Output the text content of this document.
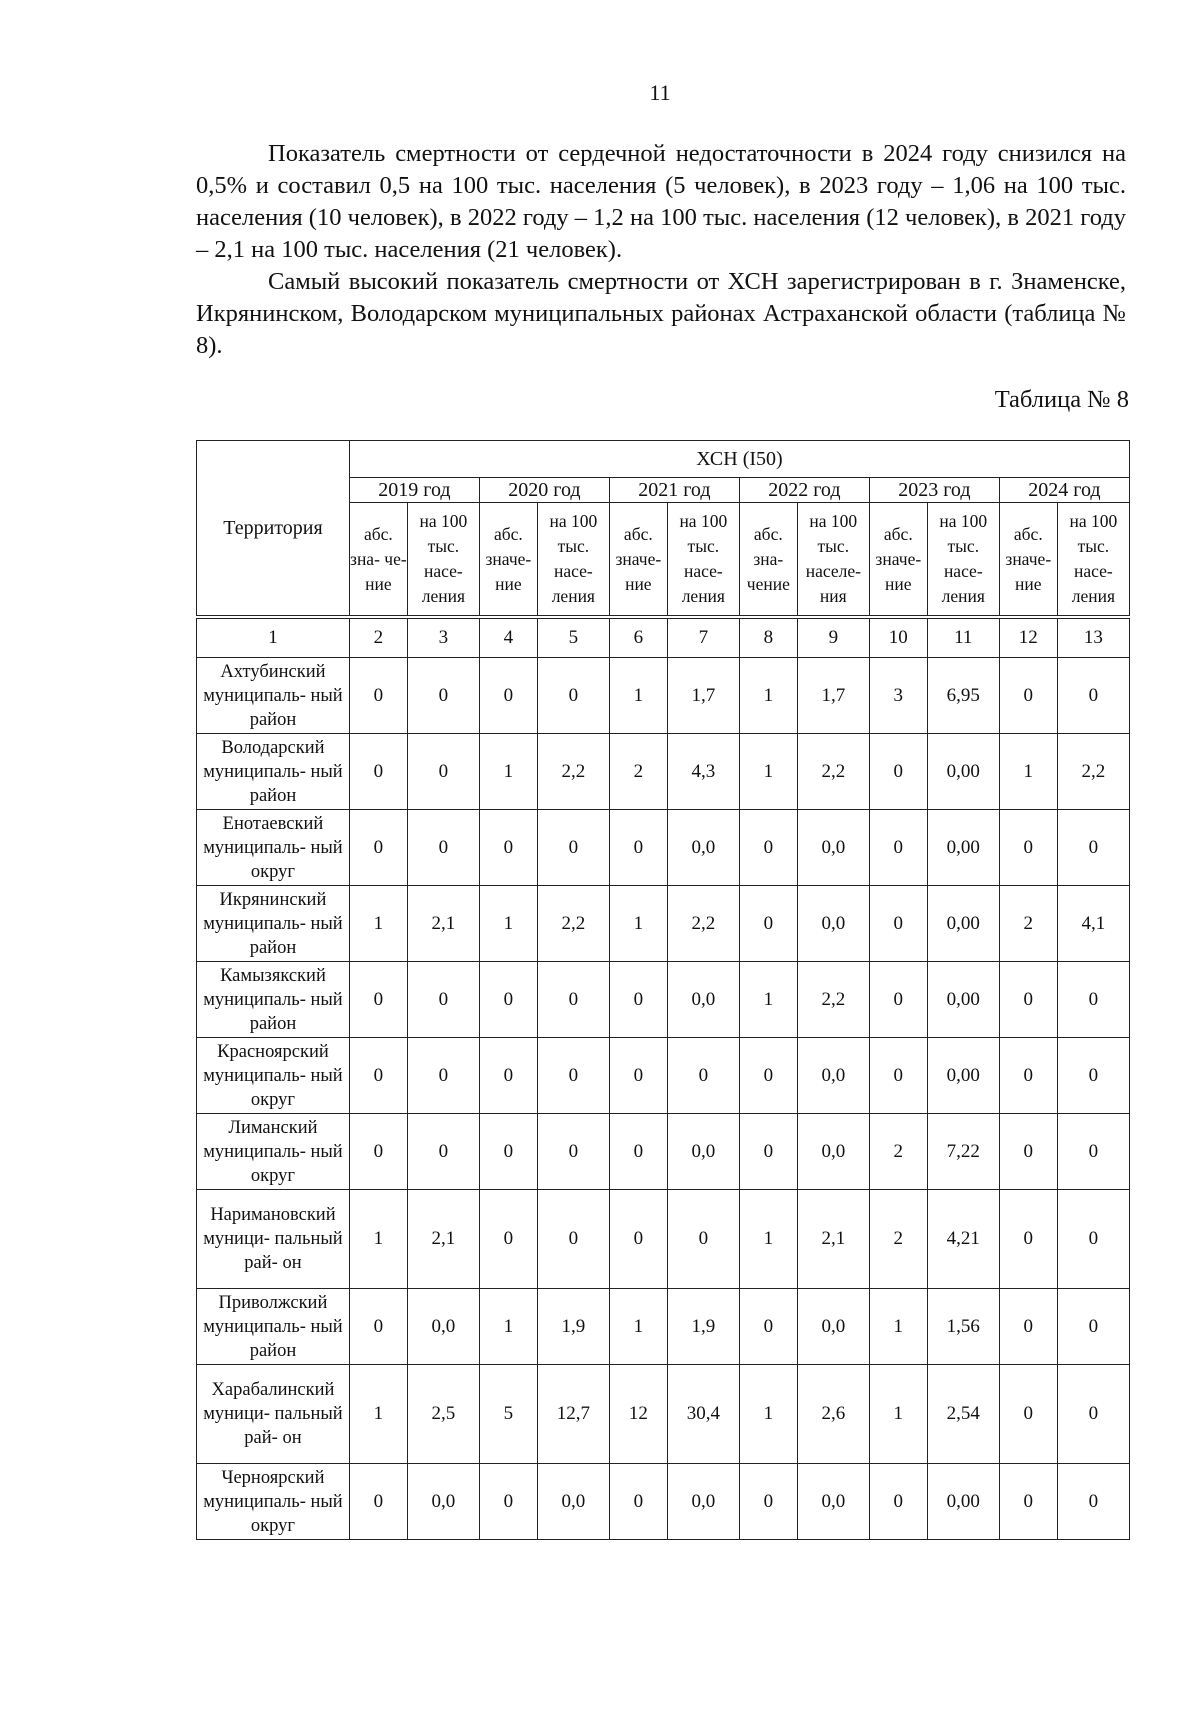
11

Показатель смертности от сердечной недостаточности в 2024 году снизился на 0,5% и составил 0,5 на 100 тыс. населения (5 человек), в 2023 году – 1,06 на 100 тыс. населения (10 человек), в 2022 году – 1,2 на 100 тыс. населения (12 человек), в 2021 году – 2,1 на 100 тыс. населения (21 человек).

Самый высокий показатель смертности от ХСН зарегистрирован в г. Знаменске, Икрянинском, Володарском муниципальных районах Астраханской области (таблица № 8).

Таблица № 8
Территория	ХСН (I50)											
	2019 год		2020 год		2021 год		2022 год		2023 год		2024 год	
	абс. зна- че- ние	на 100 тыс. насе- ления	абс. значе- ние	на 100 тыс. насе- ления	абс. значе- ние	на 100 тыс. насе- ления	абс. зна- чение	на 100 тыс. населе- ния	абс. значе- ние	на 100 тыс. насе- ления	абс. значе- ние	на 100 тыс. насе- ления
1	2	3	4	5	6	7	8	9	10	11	12	13
Ахтубинский муниципаль- ный район	0	0	0	0	1	1,7	1	1,7	3	6,95	0	0
Володарский муниципаль- ный район	0	0	1	2,2	2	4,3	1	2,2	0	0,00	1	2,2
Енотаевский муниципаль- ный округ	0	0	0	0	0	0,0	0	0,0	0	0,00	0	0
Икрянинский муниципаль- ный район	1	2,1	1	2,2	1	2,2	0	0,0	0	0,00	2	4,1
Камызякский муниципаль- ный район	0	0	0	0	0	0,0	1	2,2	0	0,00	0	0
Красноярский муниципаль- ный округ	0	0	0	0	0	0	0	0,0	0	0,00	0	0
Лиманский муниципаль- ный округ	0	0	0	0	0	0,0	0	0,0	2	7,22	0	0
Наримановский муници- пальный рай- он	1	2,1	0	0	0	0	1	2,1	2	4,21	0	0
Приволжский муниципаль- ный район	0	0,0	1	1,9	1	1,9	0	0,0	1	1,56	0	0
Харабалинский муници- пальный рай- он	1	2,5	5	12,7	12	30,4	1	2,6	1	2,54	0	0
Черноярский муниципаль- ный округ	0	0,0	0	0,0	0	0,0	0	0,0	0	0,00	0	0
